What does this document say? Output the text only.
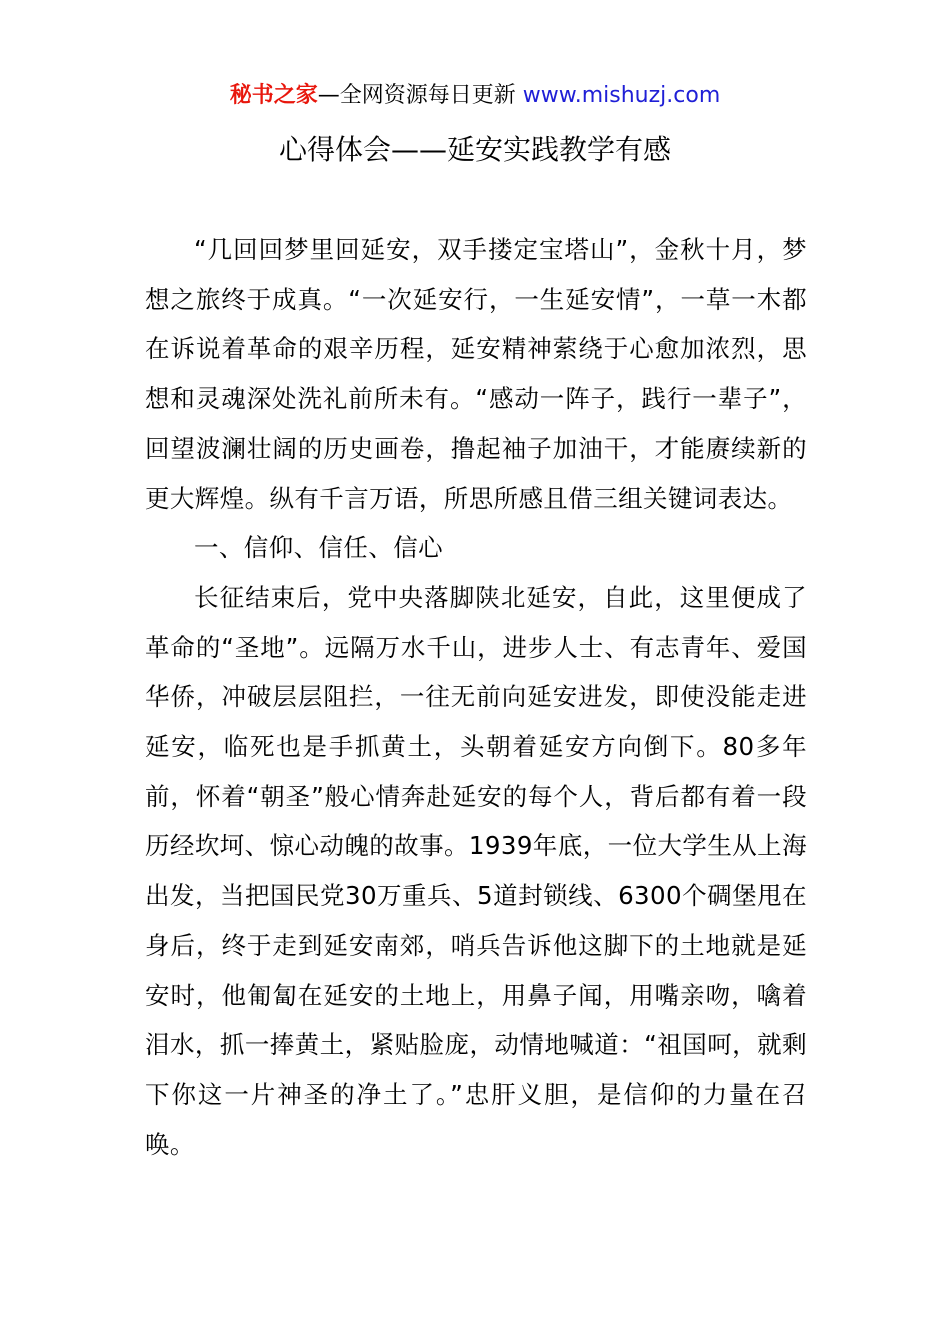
秘书之家—全网资源每日更新 www.mishuzj.com
心得体会——延安实践教学有感

“几回回梦里回延安，双手搂定宝塔山”，金秋十月，梦想之旅终于成真。“一次延安行，一生延安情”，一草一木都在诉说着革命的艰辛历程，延安精神萦绕于心愈加浓烈，思想和灵魂深处洗礼前所未有。“感动一阵子，践行一辈子”，回望波澜壮阔的历史画卷，撸起袖子加油干，才能赓续新的更大辉煌。纵有千言万语，所思所感且借三组关键词表达。

一、信仰、信任、信心

长征结束后，党中央落脚陕北延安，自此，这里便成了革命的“圣地”。远隔万水千山，进步人士、有志青年、爱国华侨，冲破层层阻拦，一往无前向延安进发，即使没能走进延安，临死也是手抓黄土，头朝着延安方向倒下。80多年前，怀着“朝圣”般心情奔赴延安的每个人，背后都有着一段历经坎坷、惊心动魄的故事。1939年底，一位大学生从上海出发，当把国民党30万重兵、5道封锁线、6300个碉堡甩在身后，终于走到延安南郊，哨兵告诉他这脚下的土地就是延安时，他匍匐在延安的土地上，用鼻子闻，用嘴亲吻，噙着泪水，抓一捧黄土，紧贴脸庞，动情地喊道：“祖国呵，就剩下你这一片神圣的净土了。”忠肝义胆，是信仰的力量在召唤。
